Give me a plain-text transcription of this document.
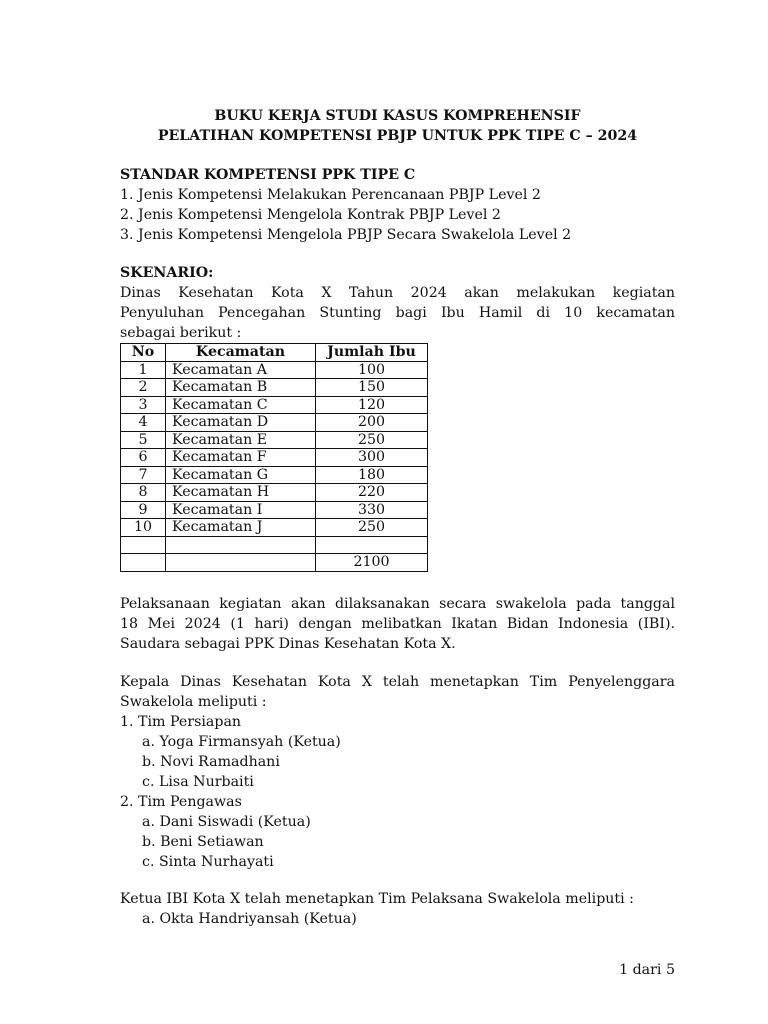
BUKU KERJA STUDI KASUS KOMPREHENSIF
PELATIHAN KOMPETENSI PBJP UNTUK PPK TIPE C – 2024
STANDAR KOMPETENSI PPK TIPE C
1. Jenis Kompetensi Melakukan Perencanaan PBJP Level 2
2. Jenis Kompetensi Mengelola Kontrak PBJP Level 2
3. Jenis Kompetensi Mengelola PBJP Secara Swakelola Level 2
SKENARIO:
Dinas Kesehatan Kota X Tahun 2024 akan melakukan kegiatan
Penyuluhan Pencegahan Stunting bagi Ibu Hamil di 10 kecamatan
sebagai berikut :
No	Kecamatan	Jumlah Ibu
1	Kecamatan A	100
2	Kecamatan B	150
3	Kecamatan C	120
4	Kecamatan D	200
5	Kecamatan E	250
6	Kecamatan F	300
7	Kecamatan G	180
8	Kecamatan H	220
9	Kecamatan I	330
10	Kecamatan J	250

		2100
Pelaksanaan kegiatan akan dilaksanakan secara swakelola pada tanggal
18 Mei 2024 (1 hari) dengan melibatkan Ikatan Bidan Indonesia (IBI).
Saudara sebagai PPK Dinas Kesehatan Kota X.
Kepala Dinas Kesehatan Kota X telah menetapkan Tim Penyelenggara
Swakelola meliputi :
1. Tim Persiapan
a. Yoga Firmansyah (Ketua)
b. Novi Ramadhani
c. Lisa Nurbaiti
2. Tim Pengawas
a. Dani Siswadi (Ketua)
b. Beni Setiawan
c. Sinta Nurhayati
Ketua IBI Kota X telah menetapkan Tim Pelaksana Swakelola meliputi :
a. Okta Handriyansah (Ketua)
1 dari 5
